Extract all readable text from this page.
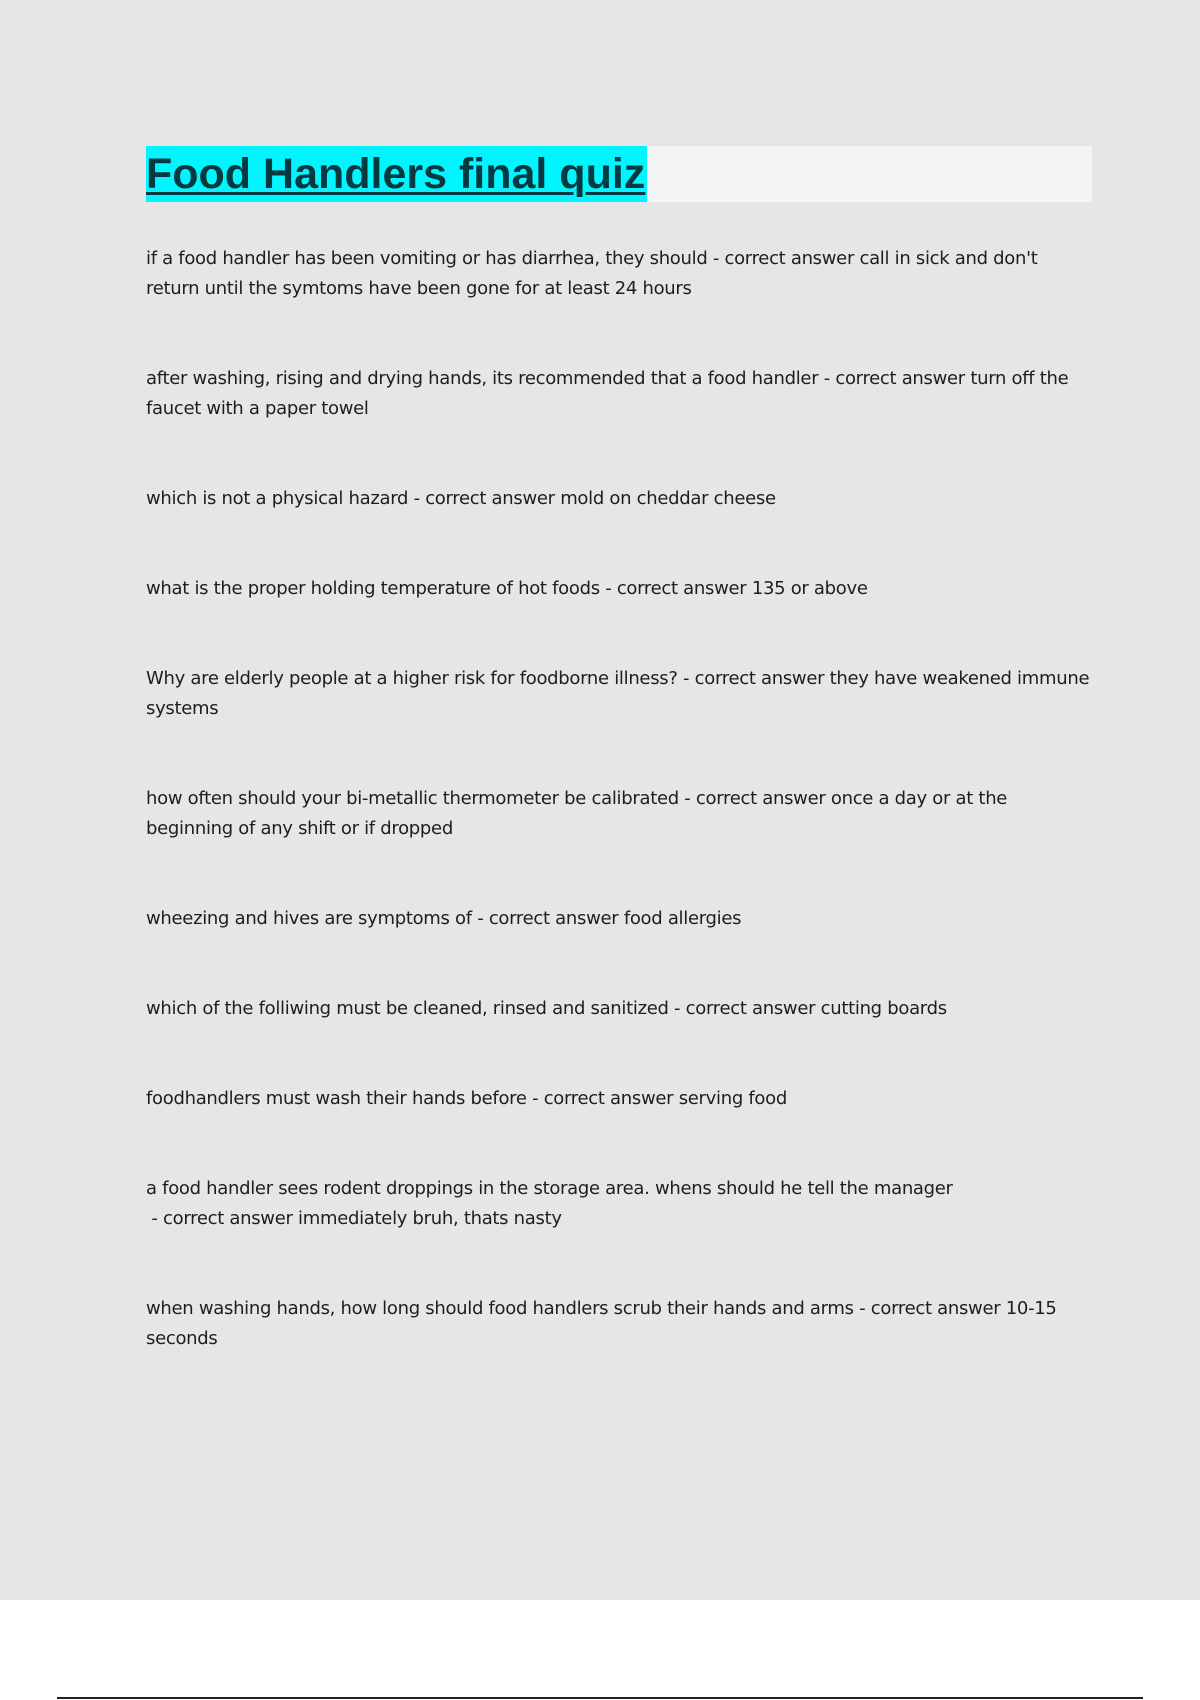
Food Handlers final quiz
if a food handler has been vomiting or has diarrhea, they should - correct answer call in sick and don't return until the symtoms have been gone for at least 24 hours
after washing, rising and drying hands, its recommended that a food handler - correct answer turn off the faucet with a paper towel
which is not a physical hazard - correct answer mold on cheddar cheese
what is the proper holding temperature of hot foods - correct answer 135 or above
Why are elderly people at a higher risk for foodborne illness? - correct answer they have weakened immune systems
how often should your bi-metallic thermometer be calibrated - correct answer once a day or at the beginning of any shift or if dropped
wheezing and hives are symptoms of - correct answer food allergies
which of the folliwing must be cleaned, rinsed and sanitized - correct answer cutting boards
foodhandlers must wash their hands before - correct answer serving food
a food handler sees rodent droppings in the storage area. whens should he tell the manager - correct answer immediately bruh, thats nasty
when washing hands, how long should food handlers scrub their hands and arms - correct answer 10-15 seconds
